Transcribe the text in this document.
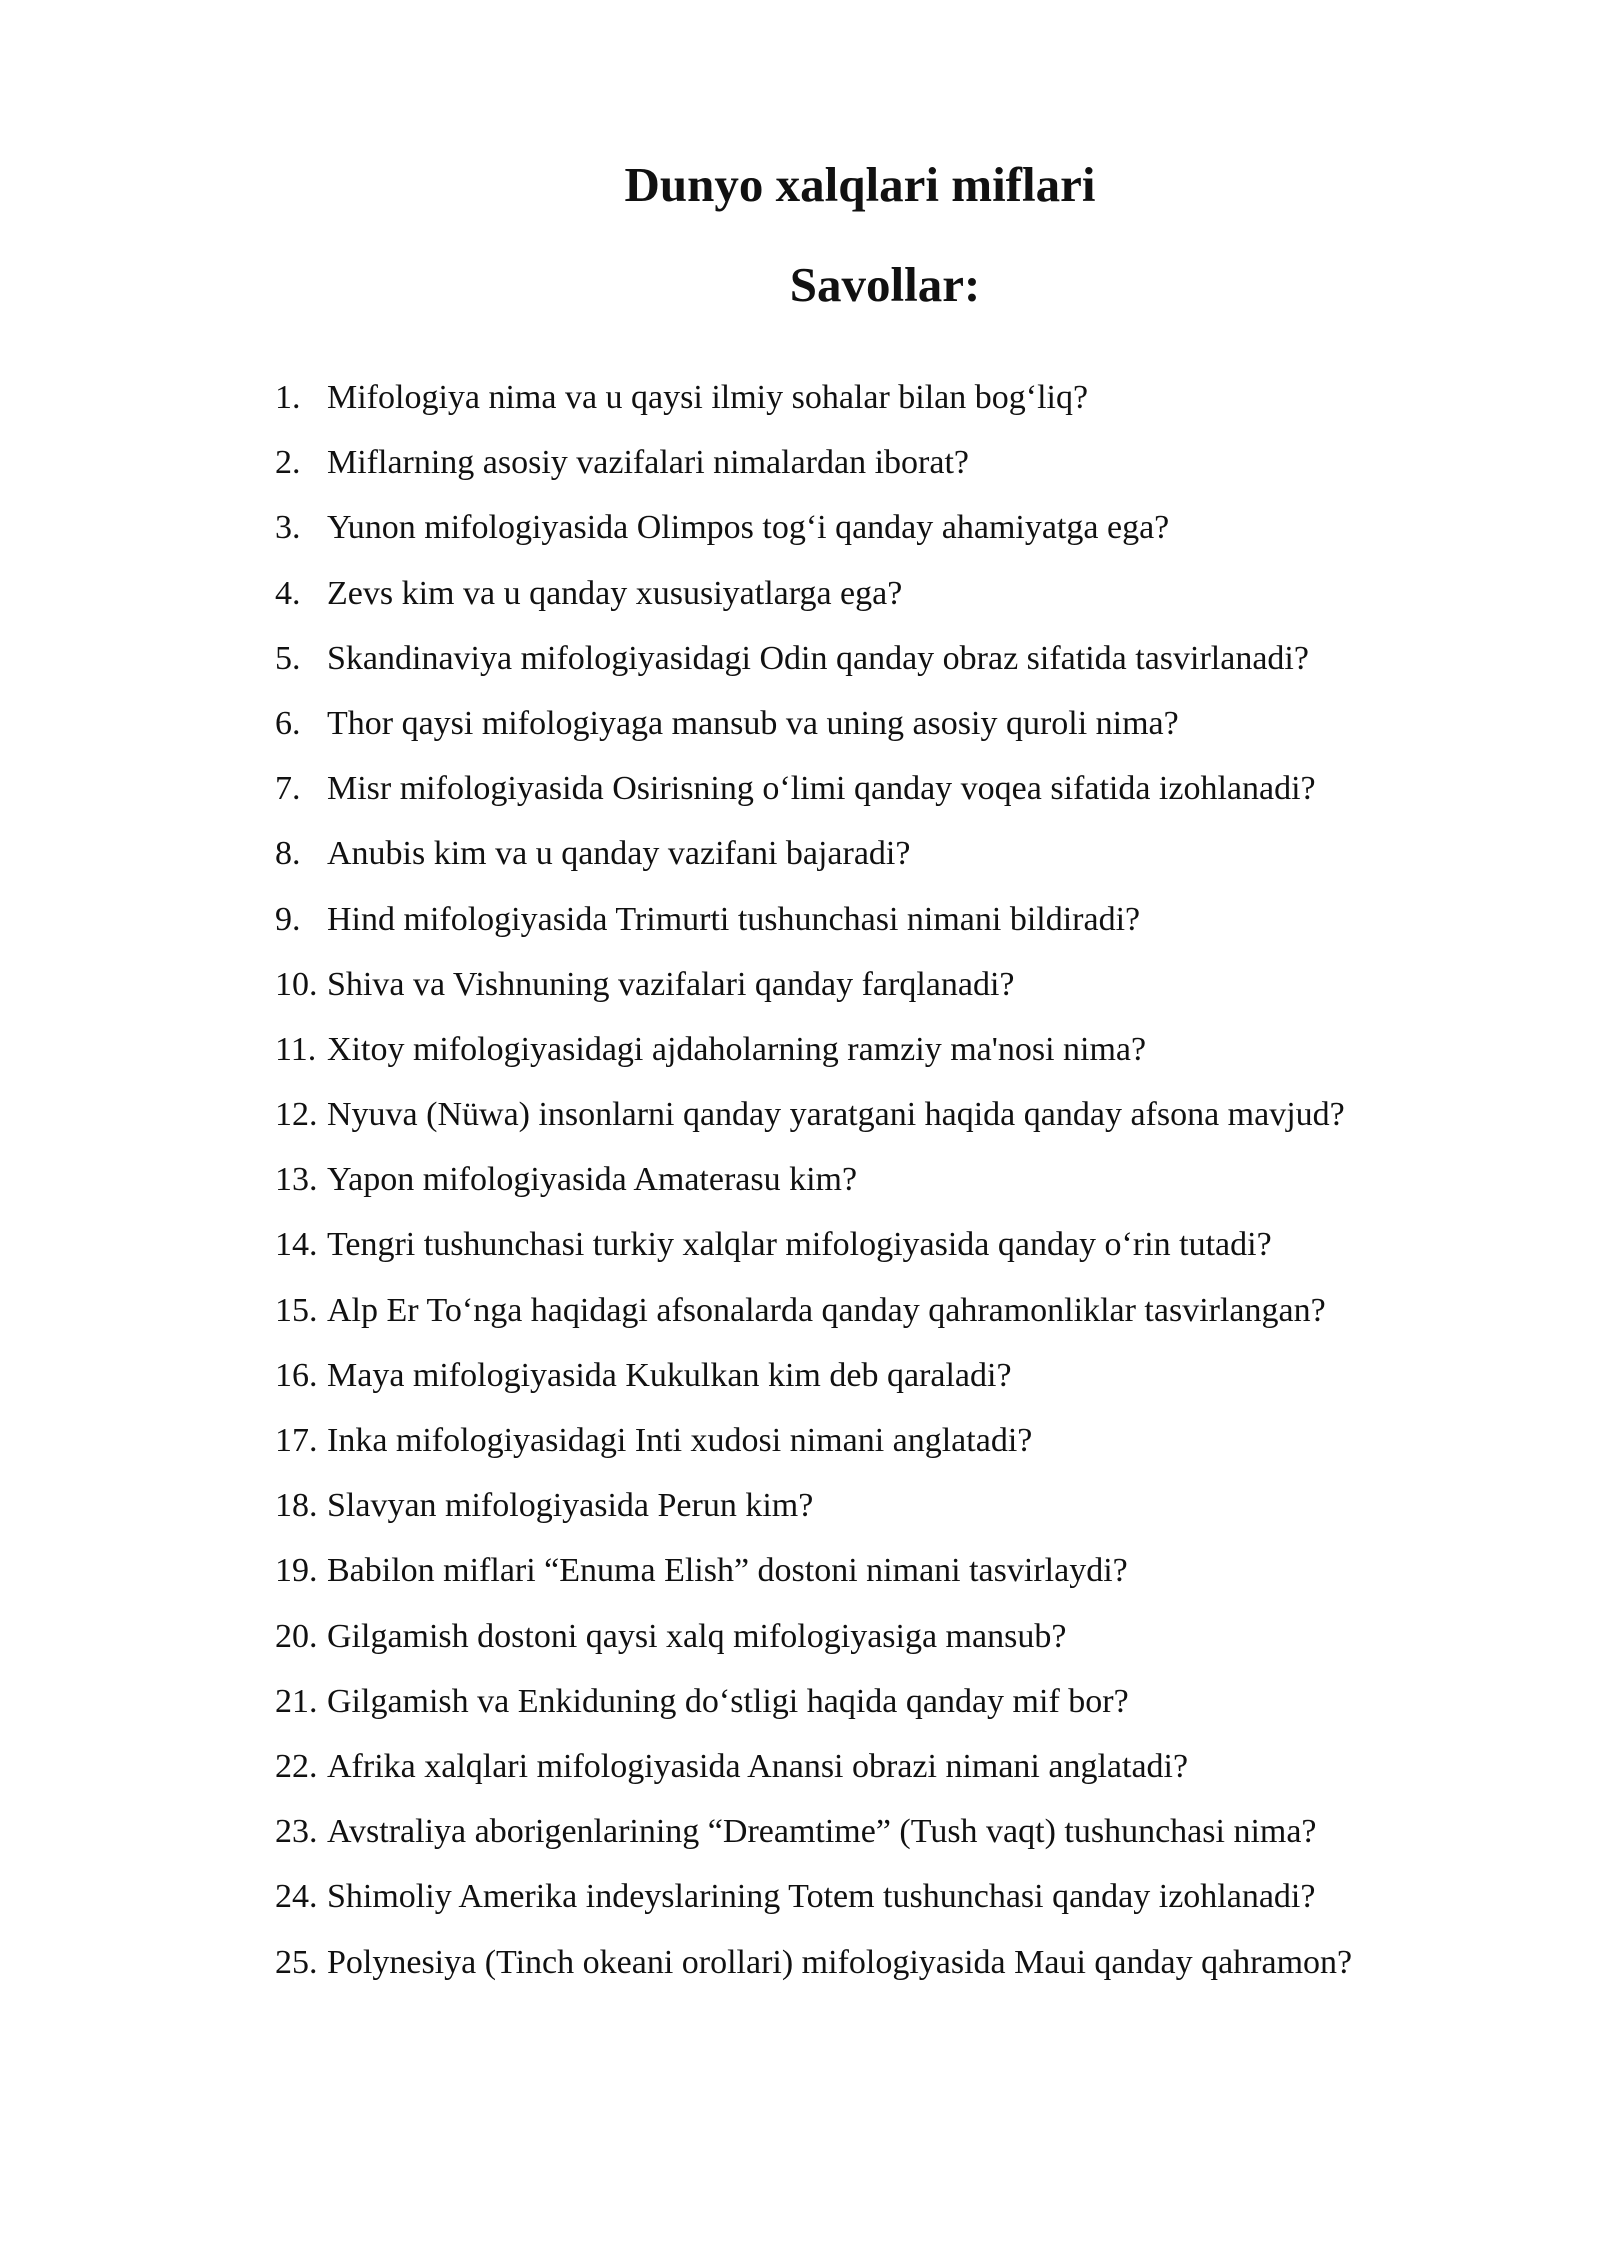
Dunyo xalqlari miflari
Savollar:
1. Mifologiya nima va u qaysi ilmiy sohalar bilan bog‘liq?
2. Miflarning asosiy vazifalari nimalardan iborat?
3. Yunon mifologiyasida Olimpos tog‘i qanday ahamiyatga ega?
4. Zevs kim va u qanday xususiyatlarga ega?
5. Skandinaviya mifologiyasidagi Odin qanday obraz sifatida tasvirlanadi?
6. Thor qaysi mifologiyaga mansub va uning asosiy quroli nima?
7. Misr mifologiyasida Osirisning o‘limi qanday voqea sifatida izohlanadi?
8. Anubis kim va u qanday vazifani bajaradi?
9. Hind mifologiyasida Trimurti tushunchasi nimani bildiradi?
10. Shiva va Vishnuning vazifalari qanday farqlanadi?
11. Xitoy mifologiyasidagi ajdaholarning ramziy ma'nosi nima?
12. Nyuva (Nüwa) insonlarni qanday yaratgani haqida qanday afsona mavjud?
13. Yapon mifologiyasida Amaterasu kim?
14. Tengri tushunchasi turkiy xalqlar mifologiyasida qanday o‘rin tutadi?
15. Alp Er To‘nga haqidagi afsonalarda qanday qahramonliklar tasvirlangan?
16. Maya mifologiyasida Kukulkan kim deb qaraladi?
17. Inka mifologiyasidagi Inti xudosi nimani anglatadi?
18. Slavyan mifologiyasida Perun kim?
19. Babilon miflari “Enuma Elish” dostoni nimani tasvirlaydi?
20. Gilgamish dostoni qaysi xalq mifologiyasiga mansub?
21. Gilgamish va Enkiduning do‘stligi haqida qanday mif bor?
22. Afrika xalqlari mifologiyasida Anansi obrazi nimani anglatadi?
23. Avstraliya aborigenlarining “Dreamtime” (Tush vaqt) tushunchasi nima?
24. Shimoliy Amerika indeyslarining Totem tushunchasi qanday izohlanadi?
25. Polynesiya (Tinch okeani orollari) mifologiyasida Maui qanday qahramon?
